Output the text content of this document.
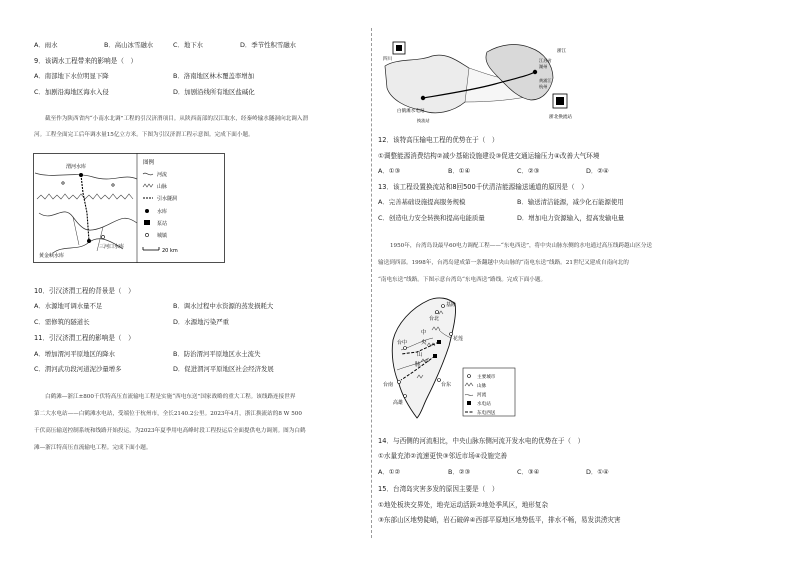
A．雨水	B．高山冰雪融水	C．地下水	D．季节性积雪融水
9．该调水工程带来的影响是（　）
A．南部地下水位明显下降	B．洛南地区林木覆盖率增加
C．加剧沿海地区海水入侵	D．加剧沿线所有地区盐碱化
截至作为陕西省内“小南水北调”工程的引汉济渭项目。从陕西南部的汉江取水，经秦岭输水隧洞向北调入渭
河。工程全面完工后年调水量15亿立方米。下图为引汉济渭工程示意图。完成下面小题。
渭河水库
黄金峡水库
三河口水库
图例
河流
山脉
引水隧洞
水库
泵站
城镇
20 km
10．引汉济渭工程的背景是（　）
A．水源地可调水量不足	B．调水过程中水资源的蒸发损耗大
C．需修筑的隧道长	D．水源地污染严重
11．引汉济渭工程的影响是（　）
A．增加渭河平原地区的降水	B．防治渭河平原地区水土流失
C．渭河武功段河道泥沙量增多	D．促进渭河平原地区社会经济发展
白鹤滩—浙江±800千伏特高压直流输电工程是实施“西电东送”国家战略的重大工程。该线路连接世界
第二大水电站——白鹤滩水电站，受端位于杭州市，全长2140.2公里。2023年4月，浙江换流站的8 W 500
千伏高压输送控制系统和线路开始投运，为2023年夏季用电高峰时段工程投运后全面提供电力调剂。图为白鹤
滩—浙江特高压直流输电工程。完成下面小题。
四川
白鹤滩水电站
浙江
浙北换流站
江苏省
湖州
黄浦江
杭州
换流站
12．该特高压输电工程的优势在于（　）
①调整能源消费结构②减少基础设施建设③促进交通运输压力④改善大气环境
A．①③	B．①④	C．②③	D．②④
13．该工程设置换流站和8回500千伏清洁能源输送通道的原因是（　）
A．完善基础设施提高服务规模	B．输送清洁能源，减少化石能源使用
C．创造电力安全转换和提高电能质量	D．增加电力资源输入，提高发输电量
1950年，台湾岛设最早60电力调配工程——“东电西送”，将中央山脉东侧的水电通过高压线跨越山区分送
输送到西部。1998年，台湾岛建成第一条翻越中央山脉的“南电东送”线路。21世纪又建成自南向北的
“南电东送”线路。下图示意台湾岛“东电西送”路线。完成下面小题。
基隆
台北
台中
台南
高雄
花莲
台东
中
央
山
脉
主要城市
山脉
河流
水电站
东电西送
14．与西侧的河流相比，中央山脉东侧河流开发水电的优势在于（　）
①水量充沛②流速更快③邻近市场④设施完善
A．①②	B．②③	C．③④	D．①④
15．台湾岛灾害多发的原因主要是（　）
①地处板块交界处，地壳运动活跃②地处季风区，地形复杂
③东部山区地势陡峭，岩石破碎④西部平原地区地势低平，排水不畅，易发洪涝灾害
